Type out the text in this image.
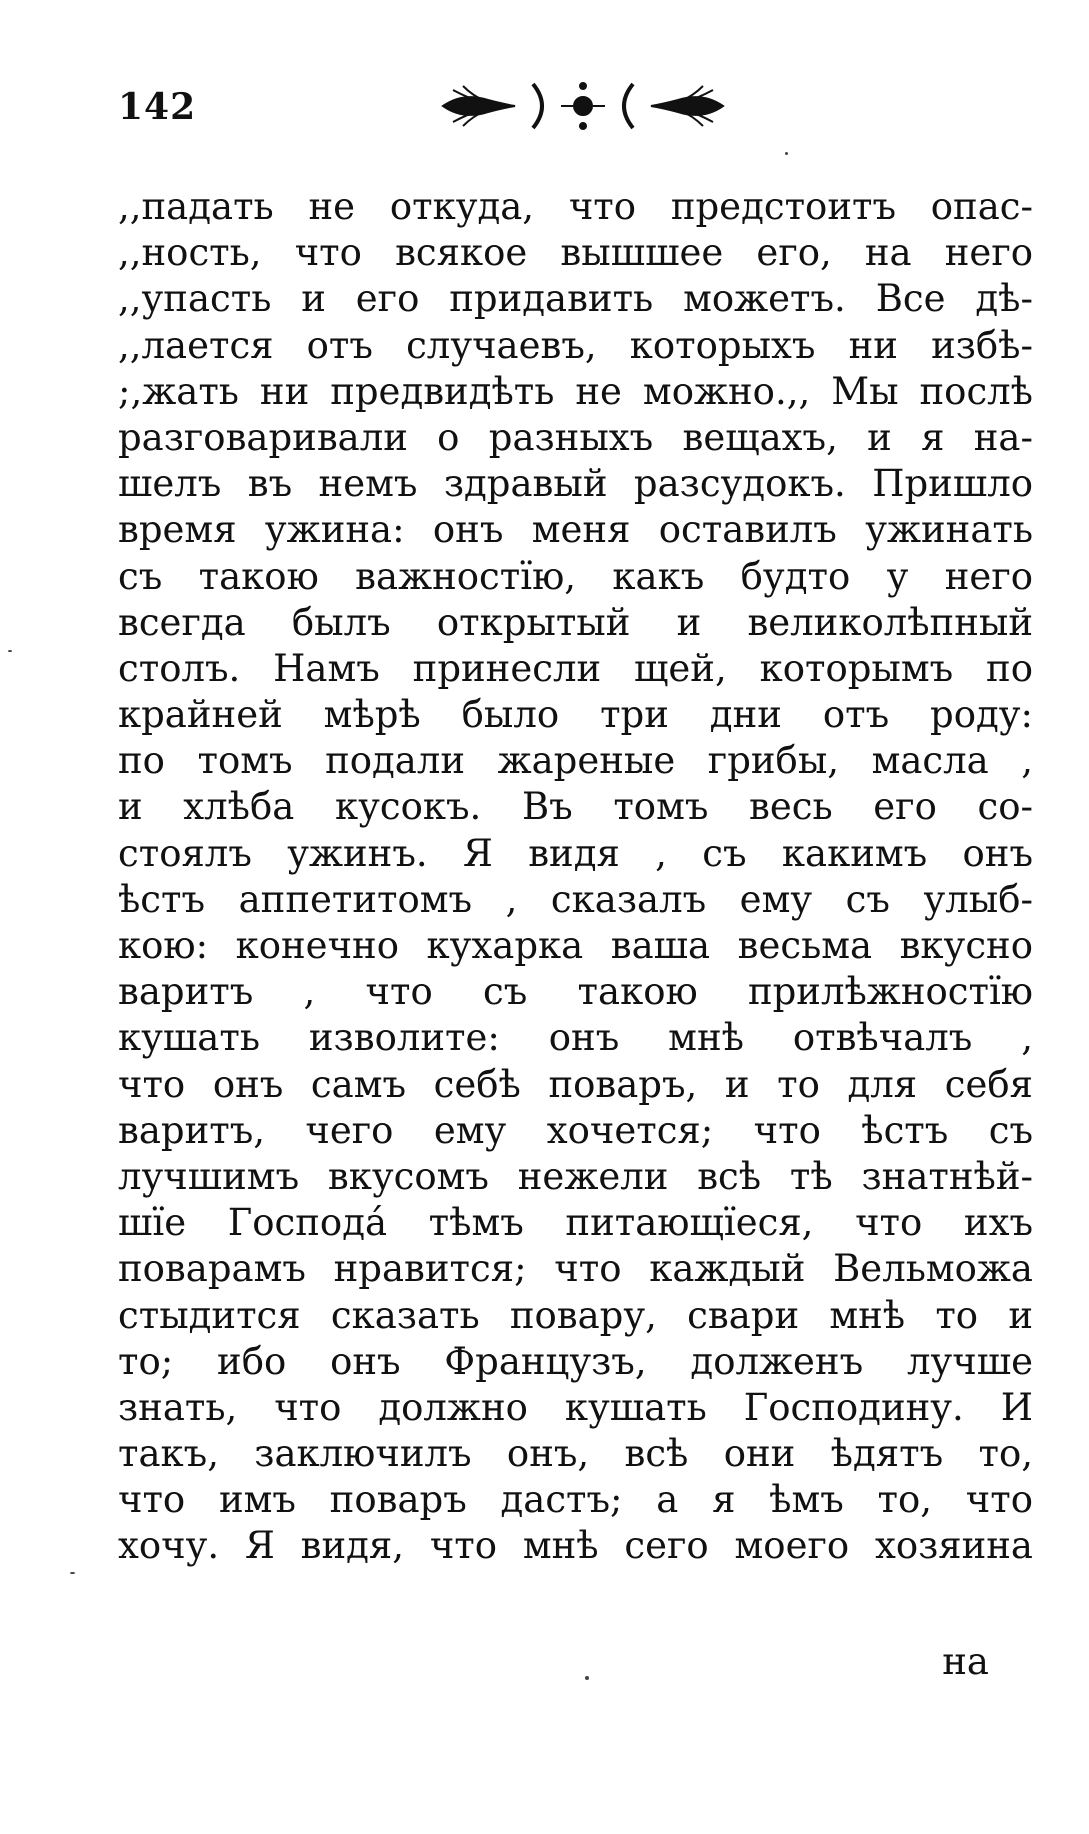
142
,,падать не откуда, что предстоитъ опас-
,,ность, что всякое вышшее его, на него
,,упасть и его придавить можетъ. Все дѣ-
,,лается отъ случаевъ, которыхъ ни избѣ-
;,жать ни предвидѣть не можно.,, Мы послѣ
разговаривали о разныхъ вещахъ, и я на-
шелъ въ немъ здравый разсудокъ. Пришло
время ужина: онъ меня оставилъ ужинать
съ такою важностїю, какъ будто у него
всегда былъ открытый и великолѣпный
столъ. Намъ принесли щей, которымъ по
крайней мѣрѣ было три дни отъ роду:
по томъ подали жареные грибы, масла ,
и хлѣба кусокъ. Въ томъ весь его со-
стоялъ ужинъ. Я видя , съ какимъ онъ
ѣстъ аппетитомъ , сказалъ ему съ улыб-
кою: конечно кухарка ваша весьма вкусно
варитъ , что съ такою прилѣжностїю
кушать изволите: онъ мнѣ отвѣчалъ ,
что онъ самъ себѣ поваръ, и то для себя
варитъ, чего ему хочется; что ѣстъ съ
лучшимъ вкусомъ нежели всѣ тѣ знатнѣй-
шїе Господа́ тѣмъ питающїеся, что ихъ
поварамъ нравится; что каждый Вельможа
стыдится сказать повару, свари мнѣ то и
то; ибо онъ Французъ, долженъ лучше
знать, что должно кушать Господину. И
такъ, заключилъ онъ, всѣ они ѣдятъ то,
что имъ поваръ дастъ; а я ѣмъ то, что
хочу. Я видя, что мнѣ сего моего хозяина
на
